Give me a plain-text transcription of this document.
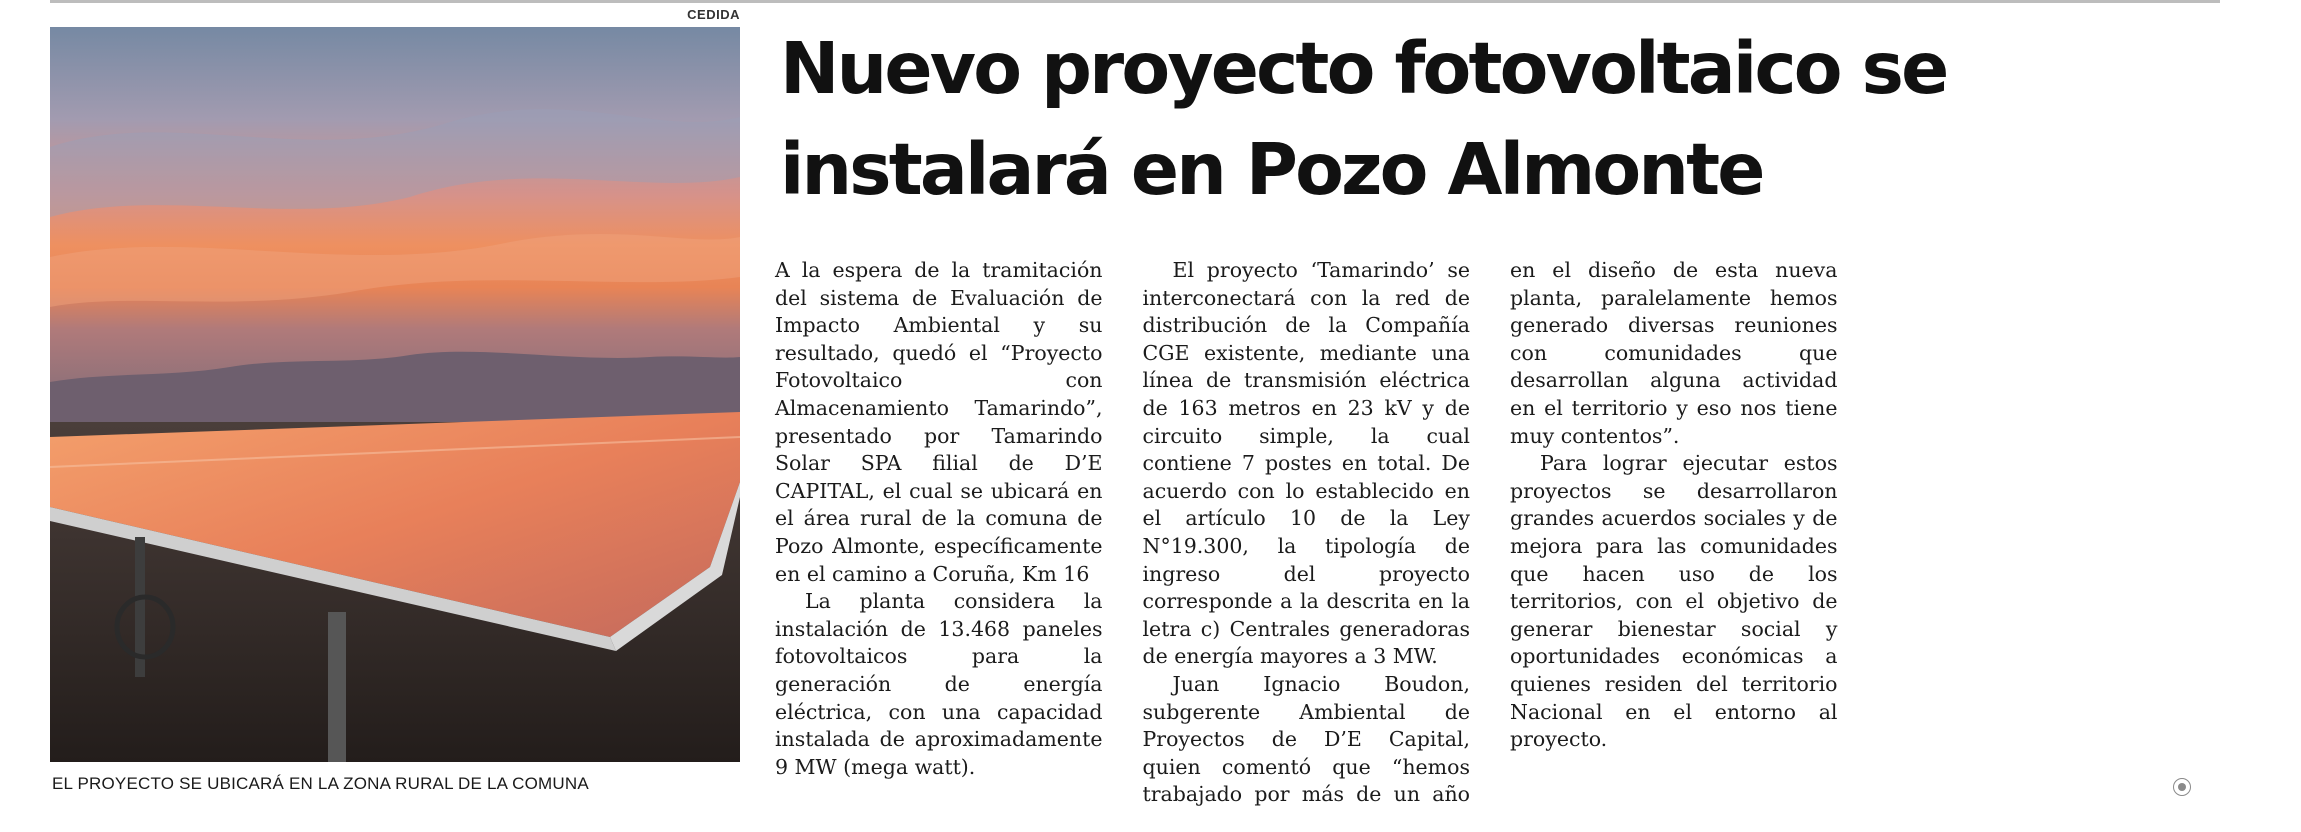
CEDIDA
EL PROYECTO SE UBICARÁ EN LA ZONA RURAL DE LA COMUNA
Nuevo proyecto fotovoltaico se
instalará en Pozo Almonte

A la espera de la tramitación del sistema de Evaluación de Impacto Ambiental y su resultado, quedó el “Proyecto Fotovoltaico con Almacenamiento Tamarindo”, presentado por Tamarindo Solar SPA filial de D’E CAPITAL, el cual se ubicará en el área rural de la comuna de Pozo Almonte, específicamente en el camino a Coruña, Km 16

La planta considera la instalación de 13.468 paneles fotovoltaicos para la generación de energía eléctrica, con una capacidad instalada de aproximadamente 9 MW (mega watt).

El proyecto ‘Tamarindo’ se interconectará con la red de distribución de la Compañía CGE existente, mediante una línea de transmisión eléctrica de 163 metros en 23 kV y de circuito simple, la cual contiene 7 postes en total. De acuerdo con lo establecido en el artículo 10 de la Ley N°19.300, la tipología de ingreso del proyecto corresponde a la descrita en la letra c) Centrales generadoras de energía mayores a 3 MW.

Juan Ignacio Boudon, subgerente Ambiental de Proyectos de D’E Capital, quien comentó que “hemos trabajado por más de un año en el diseño de esta nueva planta, paralelamente hemos generado diversas reuniones con comunidades que desarrollan alguna actividad en el territorio y eso nos tiene muy contentos”.

Para lograr ejecutar estos proyectos se desarrollaron grandes acuerdos sociales y de mejora para las comunidades que hacen uso de los territorios, con el objetivo de generar bienestar social y oportunidades económicas a quienes residen del territorio Nacional en el entorno al proyecto.
